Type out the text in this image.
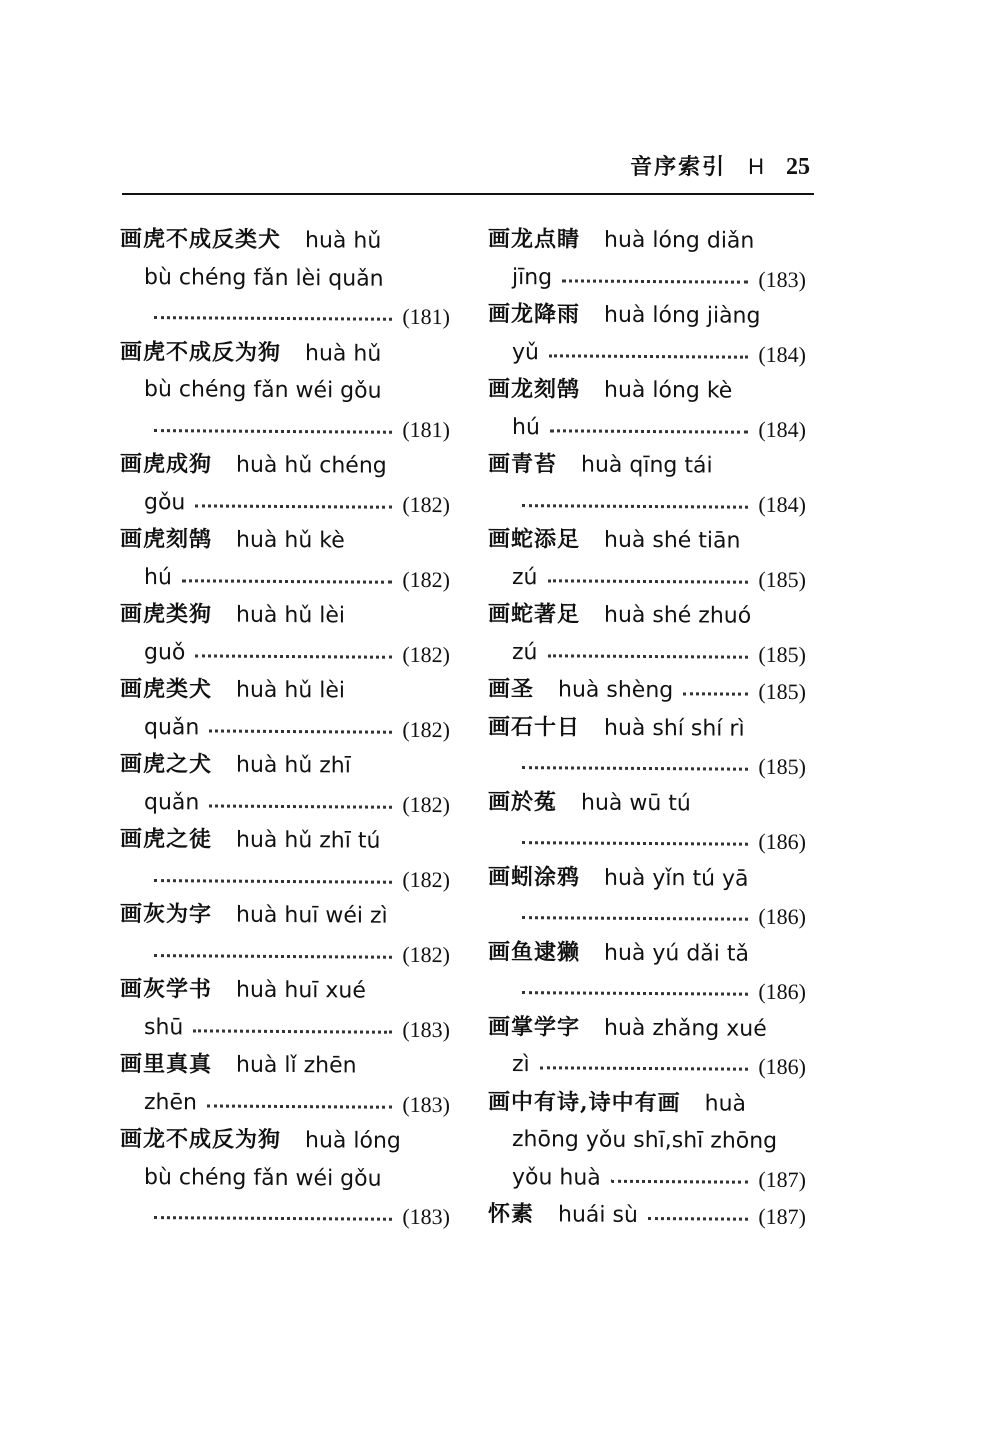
音序索引 H 25
画虎不成反类犬 huà hǔ
bù chéng fǎn lèi quǎn
(181)
画虎不成反为狗 huà hǔ
bù chéng fǎn wéi gǒu
(181)
画虎成狗 huà hǔ chéng
gǒu	(182)
画虎刻鹄 huà hǔ kè
hú	(182)
画虎类狗 huà hǔ lèi
guǒ	(182)
画虎类犬 huà hǔ lèi
quǎn	(182)
画虎之犬 huà hǔ zhī
quǎn	(182)
画虎之徒 huà hǔ zhī tú
(182)
画灰为字 huà huī wéi zì
(182)
画灰学书 huà huī xué
shū	(183)
画里真真 huà lǐ zhēn
zhēn	(183)
画龙不成反为狗 huà lóng
bù chéng fǎn wéi gǒu
(183)
画龙点睛 huà lóng diǎn
jīng	(183)
画龙降雨 huà lóng jiàng
yǔ	(184)
画龙刻鹄 huà lóng kè
hú	(184)
画青苔 huà qīng tái
(184)
画蛇添足 huà shé tiān
zú	(185)
画蛇著足 huà shé zhuó
zú	(185)
画圣 huà shèng	(185)
画石十日 huà shí shí rì
(185)
画於菟 huà wū tú
(186)
画蚓涂鸦 huà yǐn tú yā
(186)
画鱼逮獭 huà yú dǎi tǎ
(186)
画掌学字 huà zhǎng xué
zì	(186)
画中有诗,诗中有画 huà
zhōng yǒu shī,shī zhōng
yǒu huà	(187)
怀素 huái sù	(187)
